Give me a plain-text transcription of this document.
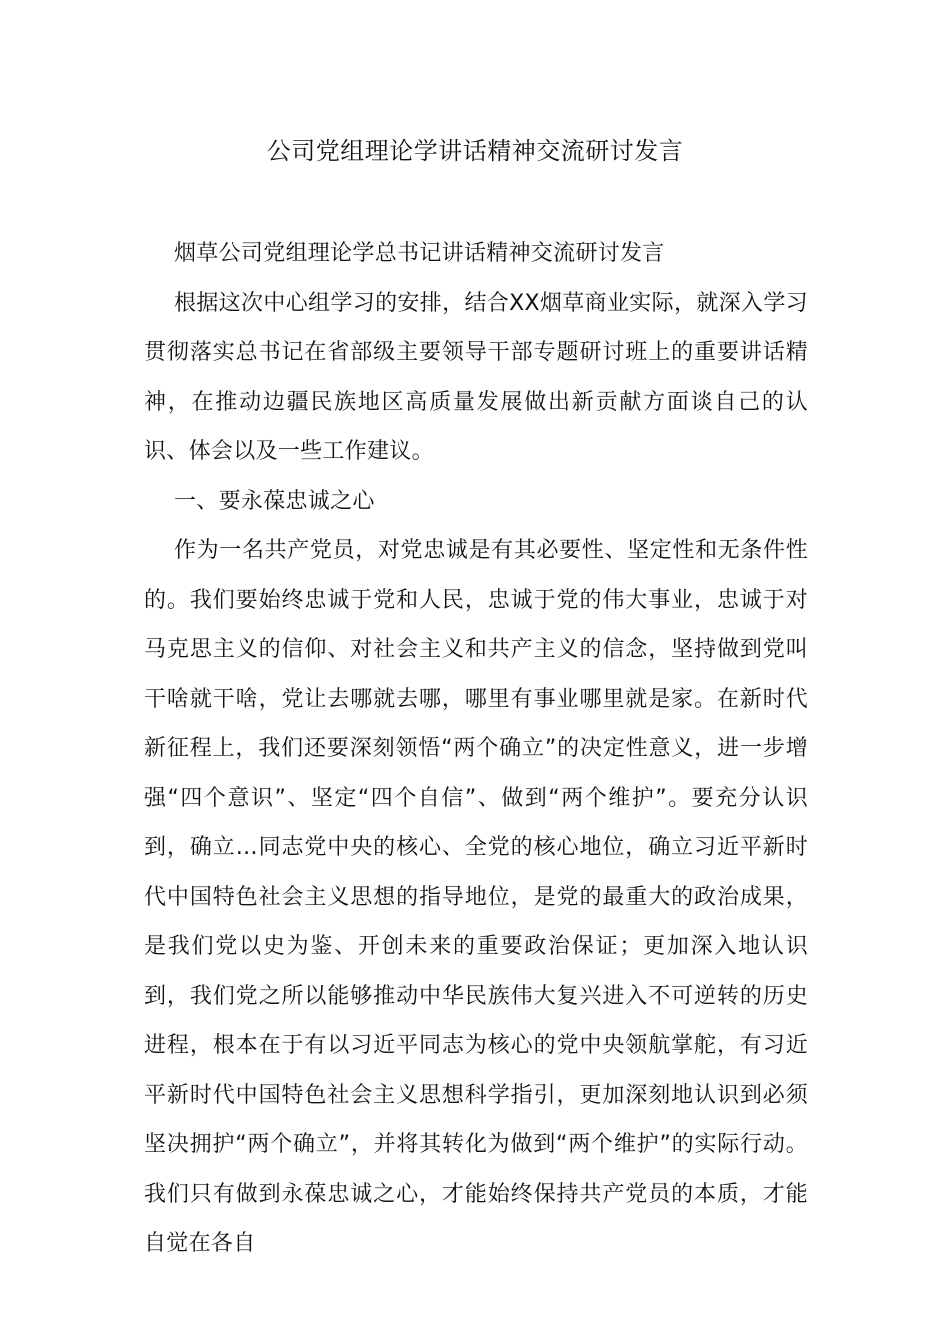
公司党组理论学讲话精神交流研讨发言

烟草公司党组理论学总书记讲话精神交流研讨发言

根据这次中心组学习的安排，结合XX烟草商业实际，就深入学习贯彻落实总书记在省部级主要领导干部专题研讨班上的重要讲话精神，在推动边疆民族地区高质量发展做出新贡献方面谈自己的认识、体会以及一些工作建议。

一、要永葆忠诚之心

作为一名共产党员，对党忠诚是有其必要性、坚定性和无条件性的。我们要始终忠诚于党和人民，忠诚于党的伟大事业，忠诚于对马克思主义的信仰、对社会主义和共产主义的信念，坚持做到党叫干啥就干啥，党让去哪就去哪，哪里有事业哪里就是家。在新时代新征程上，我们还要深刻领悟“两个确立”的决定性意义，进一步增强“四个意识”、坚定“四个自信”、做到“两个维护”。要充分认识到，确立…同志党中央的核心、全党的核心地位，确立习近平新时代中国特色社会主义思想的指导地位，是党的最重大的政治成果，是我们党以史为鉴、开创未来的重要政治保证；更加深入地认识到，我们党之所以能够推动中华民族伟大复兴进入不可逆转的历史进程，根本在于有以习近平同志为核心的党中央领航掌舵，有习近平新时代中国特色社会主义思想科学指引，更加深刻地认识到必须坚决拥护“两个确立”，并将其转化为做到“两个维护”的实际行动。我们只有做到永葆忠诚之心，才能始终保持共产党员的本质，才能自觉在各自
